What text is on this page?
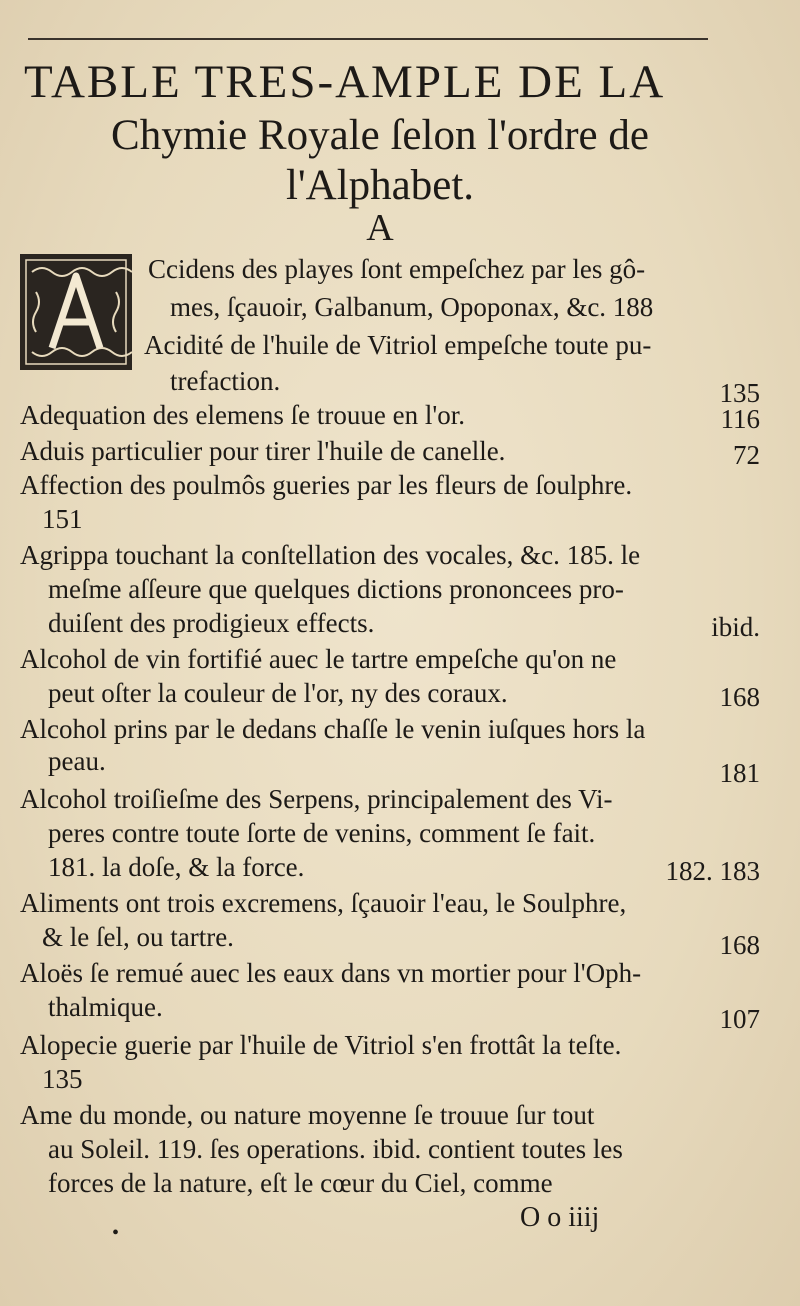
TABLE TRES-AMPLE DE LA
Chymie Royale ſelon l'ordre de
l'Alphabet.
A
Ccidens des playes ſont empeſchez par les gô-
mes, ſçauoir, Galbanum, Opoponax, &c. 188
Acidité de l'huile de Vitriol empeſche toute pu-
trefaction.	135
Adequation des elemens ſe trouue en l'or.	116
Aduis particulier pour tirer l'huile de canelle.	72
Affection des poulmôs gueries par les fleurs de ſoulphre.
151
Agrippa touchant la conſtellation des vocales, &c. 185. le
meſme aſſeure que quelques dictions prononcees pro-
duiſent des prodigieux effects.	ibid.
Alcohol de vin fortifié auec le tartre empeſche qu'on ne
peut oſter la couleur de l'or, ny des coraux.	168
Alcohol prins par le dedans chaſſe le venin iuſques hors la
peau.	181
Alcohol troiſieſme des Serpens, principalement des Vi-
peres contre toute ſorte de venins, comment ſe fait.
181. la doſe, & la force.	182. 183
Aliments ont trois excremens, ſçauoir l'eau, le Soulphre,
& le ſel, ou tartre.	168
Aloës ſe remué auec les eaux dans vn mortier pour l'Oph-
thalmique.	107
Alopecie guerie par l'huile de Vitriol s'en frottât la teſte.
135
Ame du monde, ou nature moyenne ſe trouue ſur tout
au Soleil. 119. ſes operations. ibid. contient toutes les
forces de la nature, eſt le cœur du Ciel, comme
•	O o iiij
